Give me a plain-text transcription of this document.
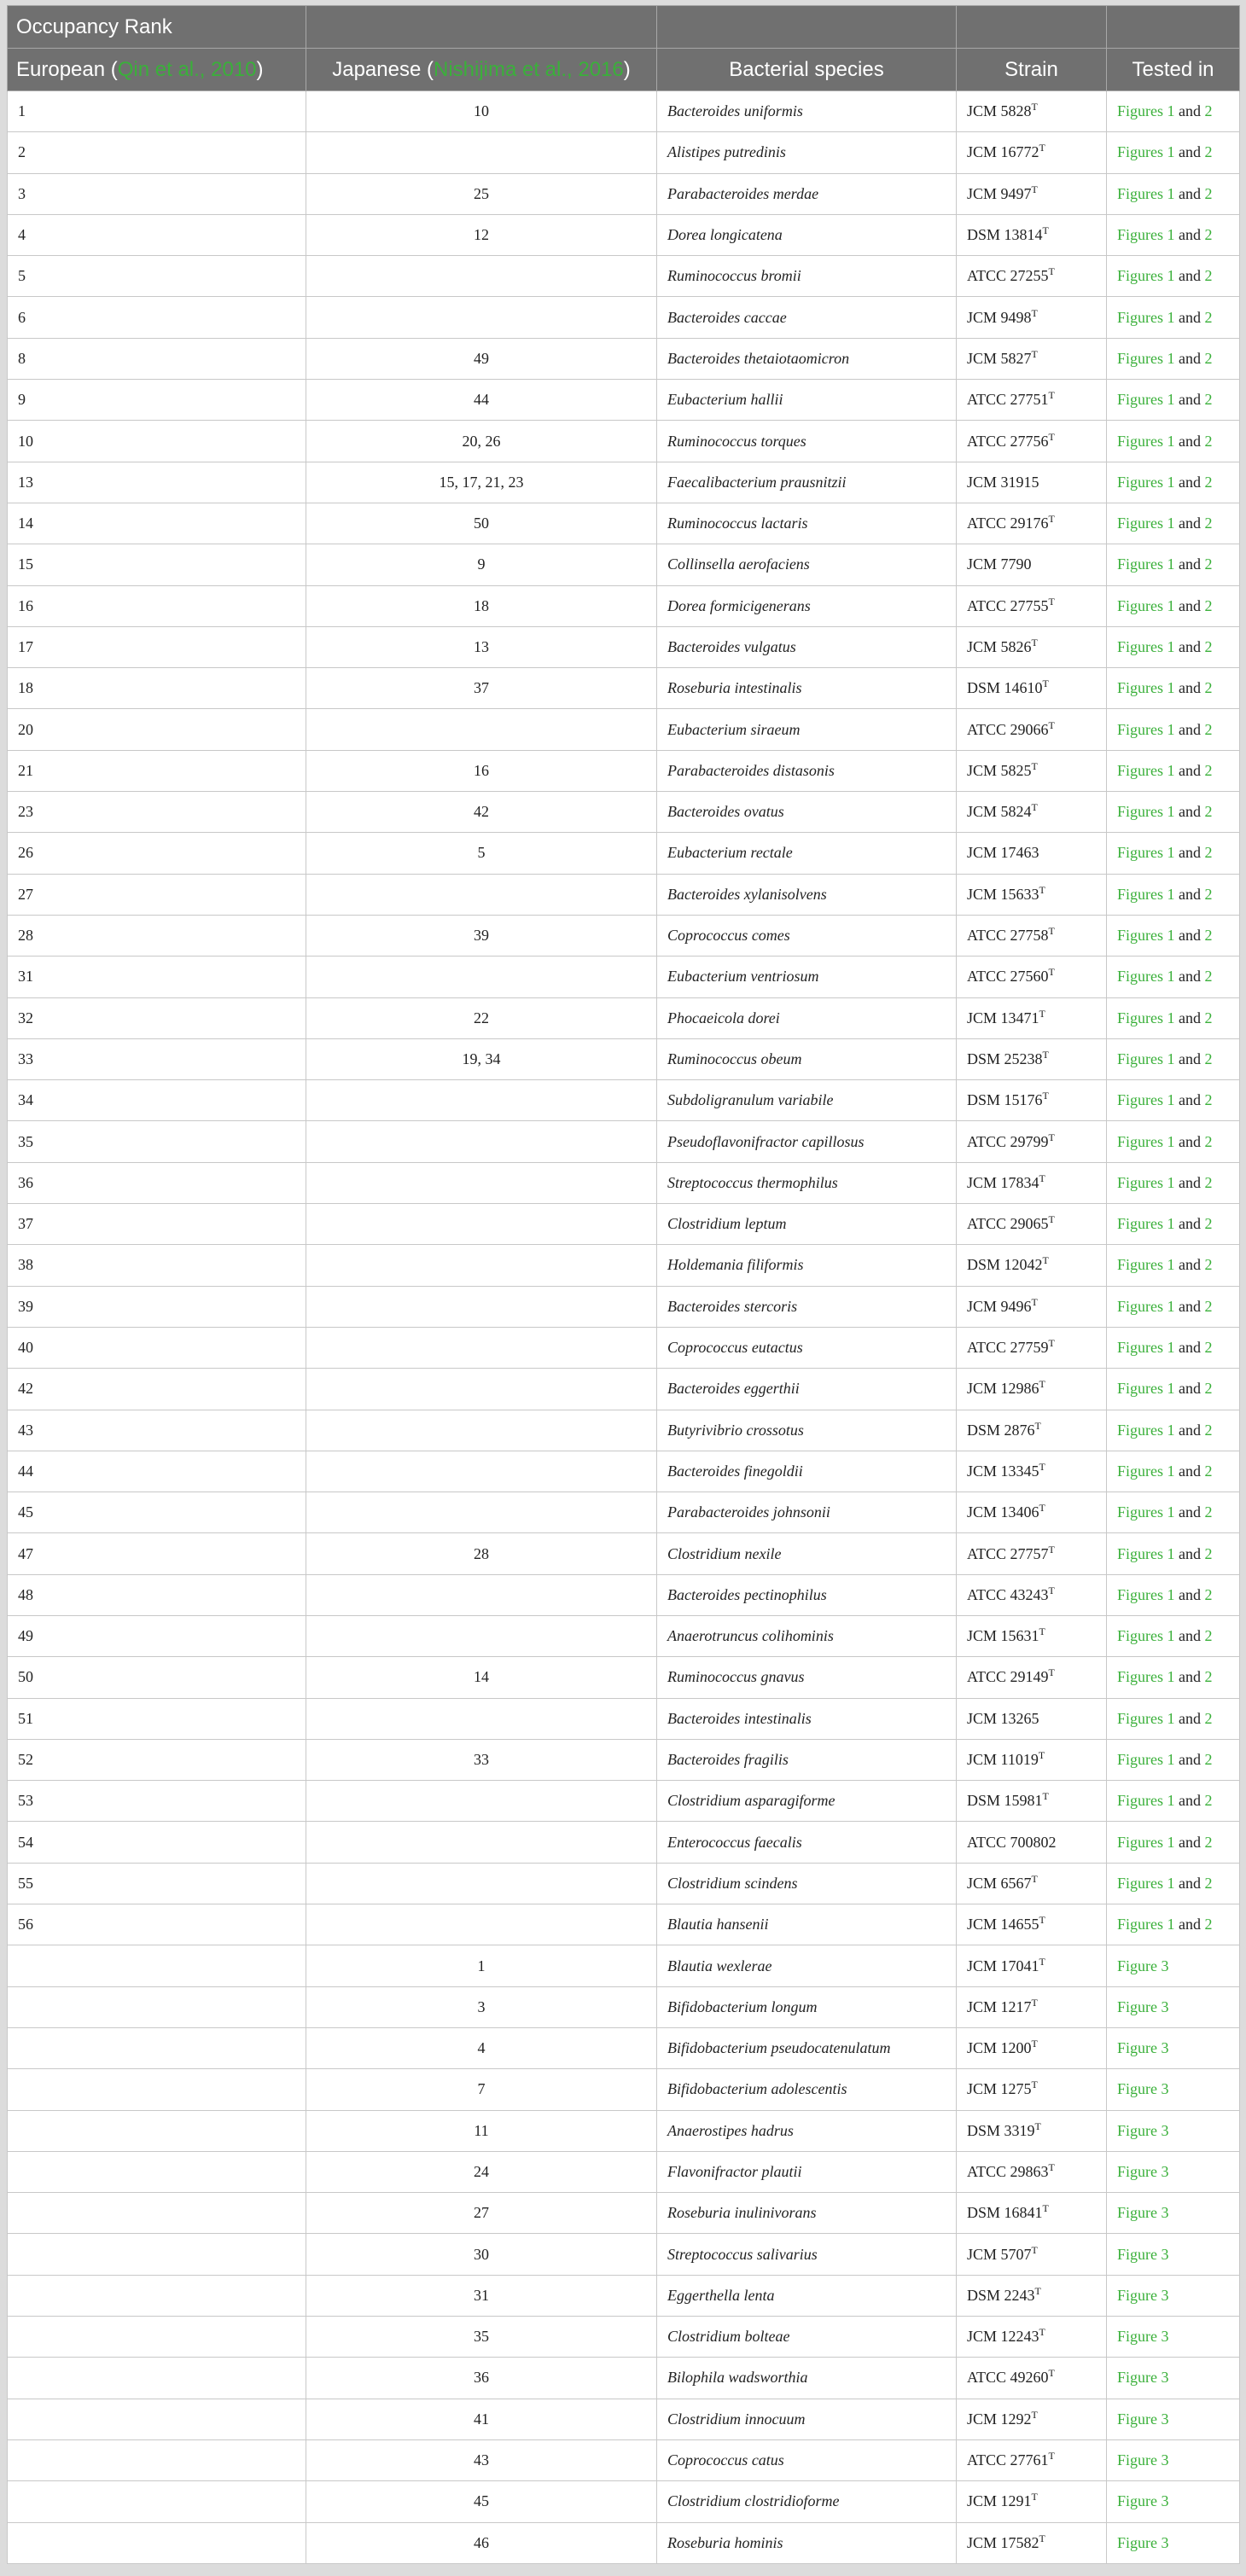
Occupancy Rank				
European (Qin et al., 2010)	Japanese (Nishijima et al., 2016)	Bacterial species	Strain	Tested in
1	10	Bacteroides uniformis	JCM $5828^T$	Figures 1 and 2
2		Alistipes putredinis	JCM $16772^T$	Figures 1 and 2
3	25	Parabacteroides merdae	JCM $9497^T$	Figures 1 and 2
4	12	Dorea longicatena	DSM $13814^T$	Figures 1 and 2
5		Ruminococcus bromii	ATCC $27255^T$	Figures 1 and 2
6		Bacteroides caccae	JCM $9498^T$	Figures 1 and 2
8	49	Bacteroides thetaiotaomicron	JCM $5827^T$	Figures 1 and 2
9	44	Eubacterium hallii	ATCC $27751^T$	Figures 1 and 2
10	20, 26	Ruminococcus torques	ATCC $27756^T$	Figures 1 and 2
13	15, 17, 21, 23	Faecalibacterium prausnitzii	JCM 31915	Figures 1 and 2
14	50	Ruminococcus lactaris	ATCC $29176^T$	Figures 1 and 2
15	9	Collinsella aerofaciens	JCM 7790	Figures 1 and 2
16	18	Dorea formicigenerans	ATCC $27755^T$	Figures 1 and 2
17	13	Bacteroides vulgatus	JCM $5826^T$	Figures 1 and 2
18	37	Roseburia intestinalis	DSM $14610^T$	Figures 1 and 2
20		Eubacterium siraeum	ATCC $29066^T$	Figures 1 and 2
21	16	Parabacteroides distasonis	JCM $5825^T$	Figures 1 and 2
23	42	Bacteroides ovatus	JCM $5824^T$	Figures 1 and 2
26	5	Eubacterium rectale	JCM 17463	Figures 1 and 2
27		Bacteroides xylanisolvens	JCM $15633^T$	Figures 1 and 2
28	39	Coprococcus comes	ATCC $27758^T$	Figures 1 and 2
31		Eubacterium ventriosum	ATCC $27560^T$	Figures 1 and 2
32	22	Phocaeicola dorei	JCM $13471^T$	Figures 1 and 2
33	19, 34	Ruminococcus obeum	DSM $25238^T$	Figures 1 and 2
34		Subdoligranulum variabile	DSM $15176^T$	Figures 1 and 2
35		Pseudoflavonifractor capillosus	ATCC $29799^T$	Figures 1 and 2
36		Streptococcus thermophilus	JCM $17834^T$	Figures 1 and 2
37		Clostridium leptum	ATCC $29065^T$	Figures 1 and 2
38		Holdemania filiformis	DSM $12042^T$	Figures 1 and 2
39		Bacteroides stercoris	JCM $9496^T$	Figures 1 and 2
40		Coprococcus eutactus	ATCC $27759^T$	Figures 1 and 2
42		Bacteroides eggerthii	JCM $12986^T$	Figures 1 and 2
43		Butyrivibrio crossotus	DSM $2876^T$	Figures 1 and 2
44		Bacteroides finegoldii	JCM $13345^T$	Figures 1 and 2
45		Parabacteroides johnsonii	JCM $13406^T$	Figures 1 and 2
47	28	Clostridium nexile	ATCC $27757^T$	Figures 1 and 2
48		Bacteroides pectinophilus	ATCC $43243^T$	Figures 1 and 2
49		Anaerotruncus colihominis	JCM $15631^T$	Figures 1 and 2
50	14	Ruminococcus gnavus	ATCC $29149^T$	Figures 1 and 2
51		Bacteroides intestinalis	JCM 13265	Figures 1 and 2
52	33	Bacteroides fragilis	JCM $11019^T$	Figures 1 and 2
53		Clostridium asparagiforme	DSM $15981^T$	Figures 1 and 2
54		Enterococcus faecalis	ATCC 700802	Figures 1 and 2
55		Clostridium scindens	JCM $6567^T$	Figures 1 and 2
56		Blautia hansenii	JCM $14655^T$	Figures 1 and 2
	1	Blautia wexlerae	JCM $17041^T$	Figure 3
	3	Bifidobacterium longum	JCM $1217^T$	Figure 3
	4	Bifidobacterium pseudocatenulatum	JCM $1200^T$	Figure 3
	7	Bifidobacterium adolescentis	JCM $1275^T$	Figure 3
	11	Anaerostipes hadrus	DSM $3319^T$	Figure 3
	24	Flavonifractor plautii	ATCC $29863^T$	Figure 3
	27	Roseburia inulinivorans	DSM $16841^T$	Figure 3
	30	Streptococcus salivarius	JCM $5707^T$	Figure 3
	31	Eggerthella lenta	DSM $2243^T$	Figure 3
	35	Clostridium bolteae	JCM $12243^T$	Figure 3
	36	Bilophila wadsworthia	ATCC $49260^T$	Figure 3
	41	Clostridium innocuum	JCM $1292^T$	Figure 3
	43	Coprococcus catus	ATCC $27761^T$	Figure 3
	45	Clostridium clostridioforme	JCM $1291^T$	Figure 3
	46	Roseburia hominis	JCM $17582^T$	Figure 3
